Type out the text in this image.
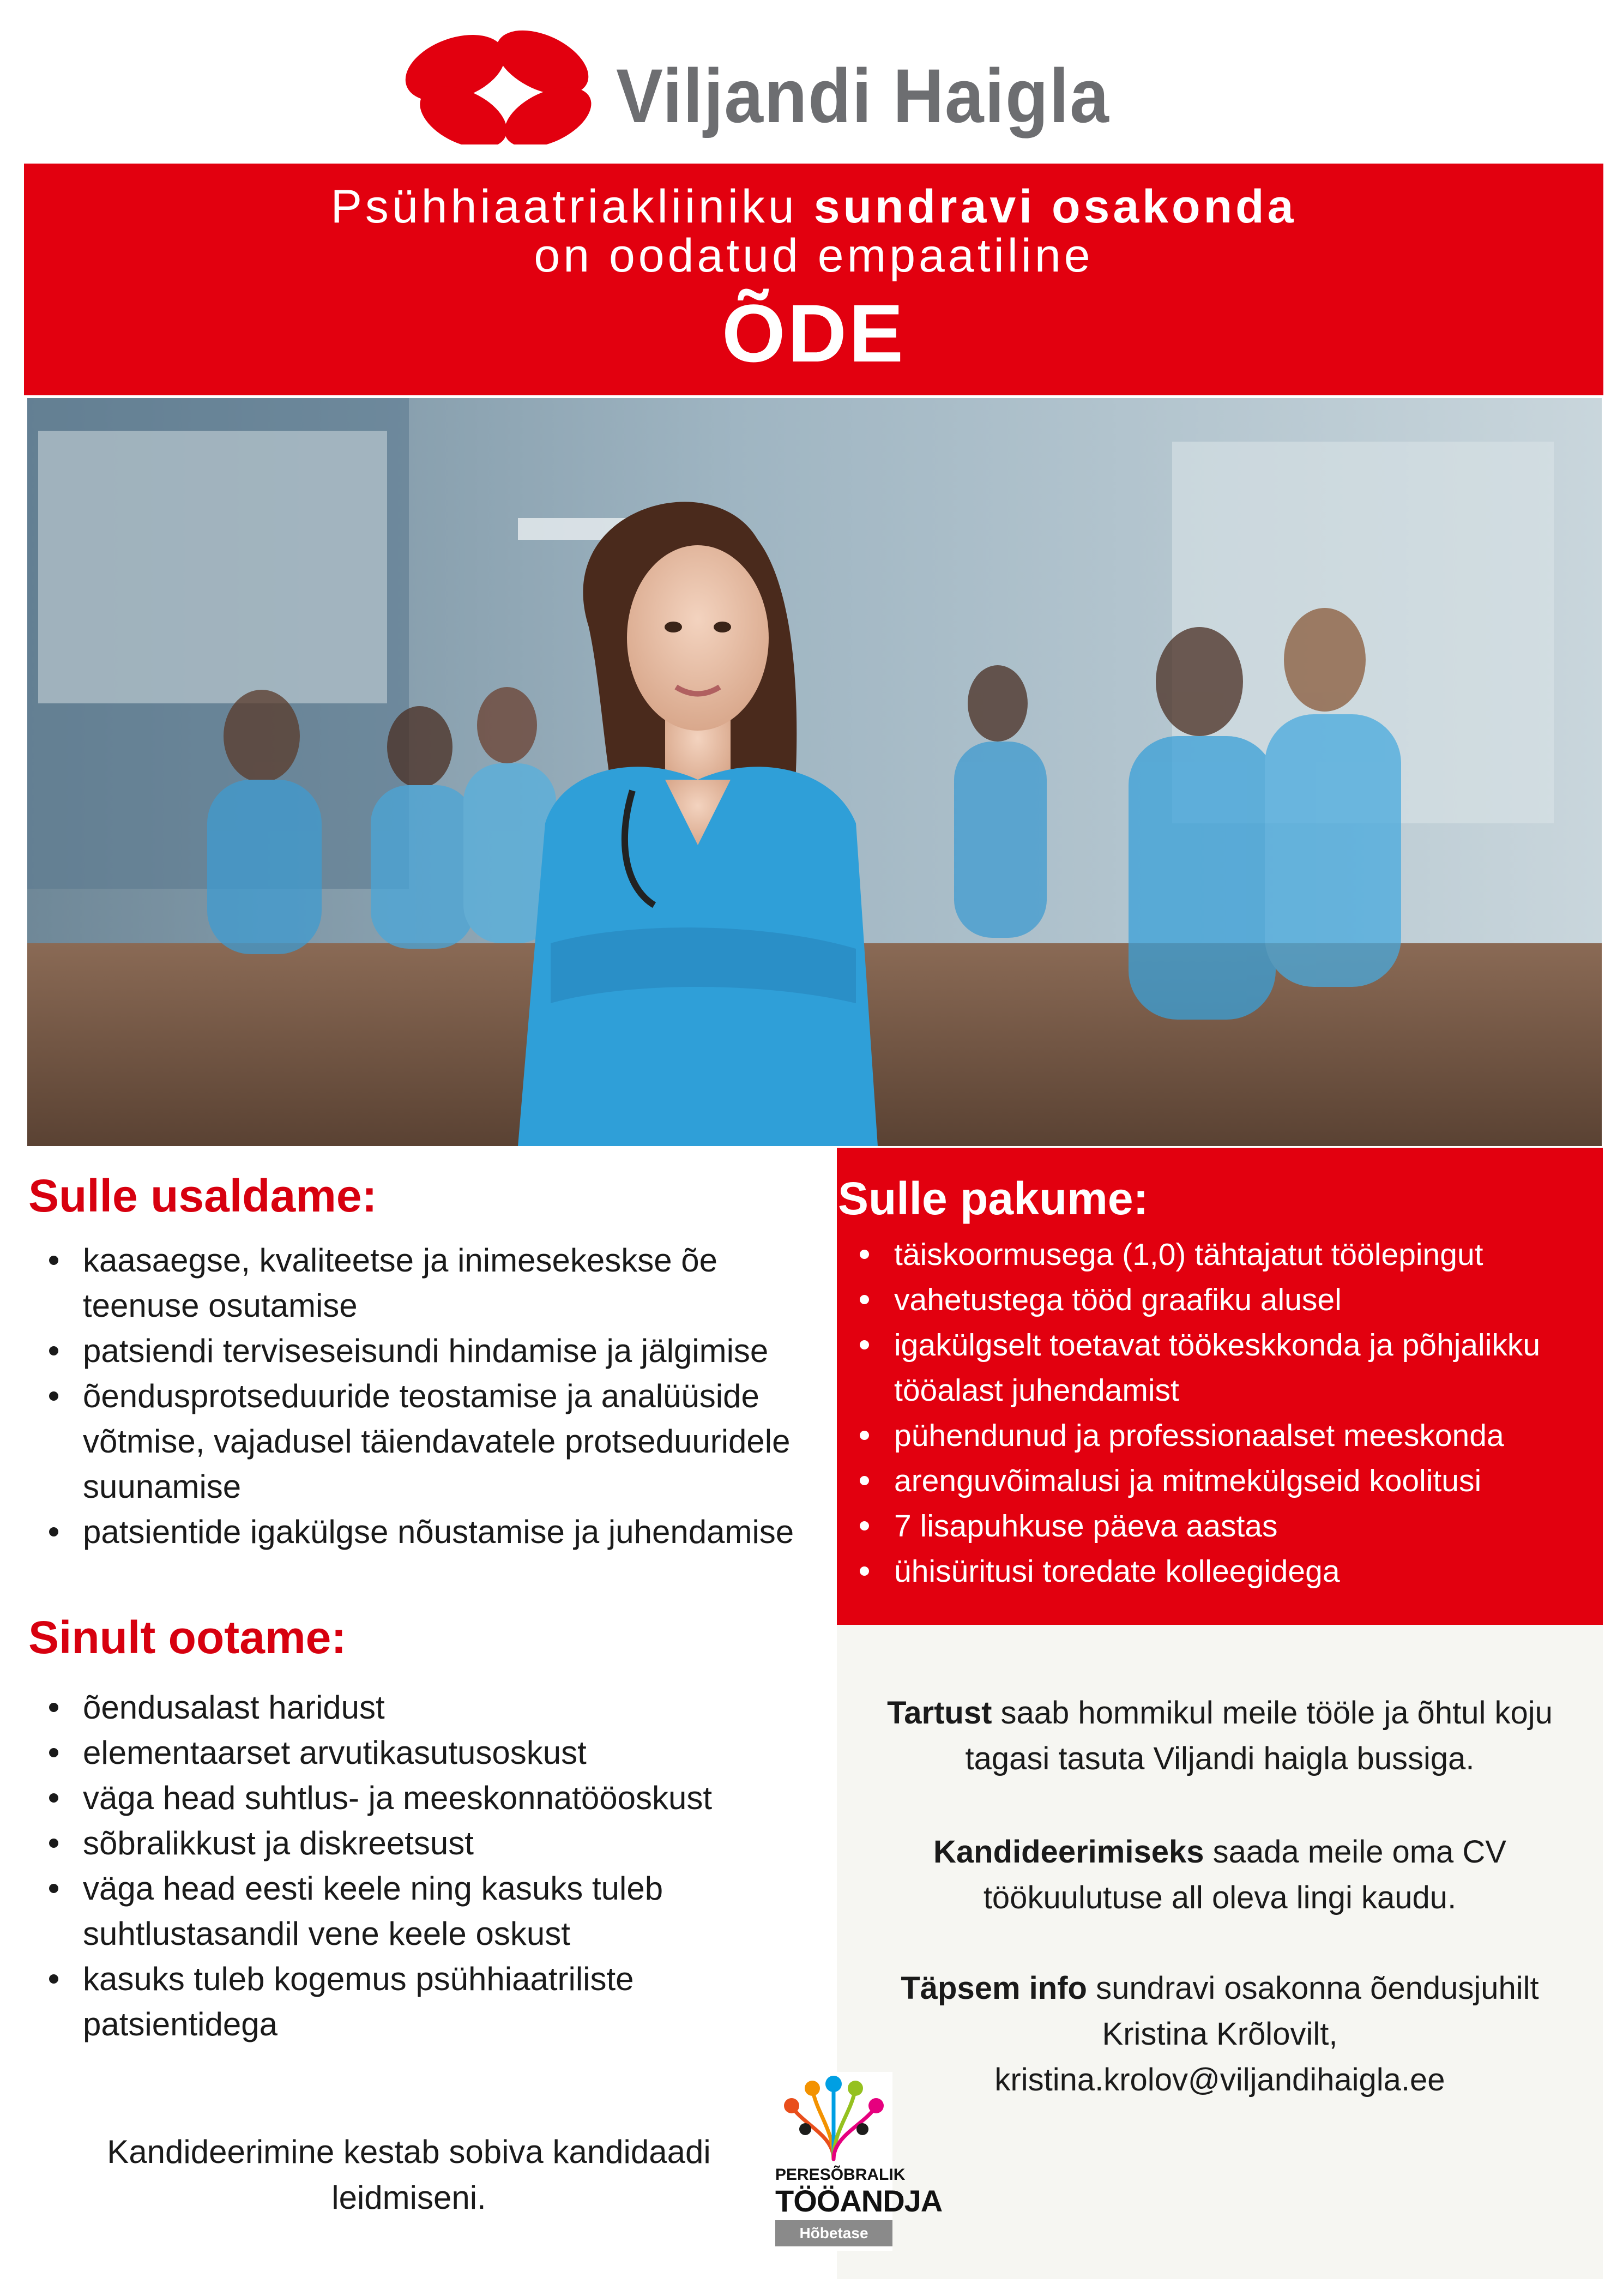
Viljandi Haigla
Psühhiaatriakliiniku sundravi osakonda
on oodatud empaatiline
ÕDE
Sulle usaldame:
kaasaegse, kvaliteetse ja inimesekeskse õe teenuse osutamise
patsiendi terviseseisundi hindamise ja jälgimise
õendusprotseduuride teostamise ja analüüside võtmise, vajadusel täiendavatele protseduuridele suunamise
patsientide igakülgse nõustamise ja juhendamise
Sinult ootame:
õendusalast haridust
elementaarset arvutikasutusoskust
väga head suhtlus- ja meeskonnatööoskust
sõbralikkust ja diskreetsust
väga head eesti keele ning kasuks tuleb suhtlustasandil vene keele oskust
kasuks tuleb kogemus psühhiaatriliste patsientidega
Kandideerimine kestab sobiva kandidaadi leidmiseni.
Sulle pakume:
täiskoormusega (1,0) tähtajatut töölepingut
vahetustega tööd graafiku alusel
igakülgselt toetavat töökeskkonda ja põhjalikku tööalast juhendamist
pühendunud ja professionaalset meeskonda
arenguvõimalusi ja mitmekülgseid koolitusi
7 lisapuhkuse päeva aastas
ühisüritusi toredate kolleegidega
Tartust saab hommikul meile tööle ja õhtul koju tagasi tasuta Viljandi haigla bussiga.
Kandideerimiseks saada meile oma CV töökuulutuse all oleva lingi kaudu.
Täpsem info sundravi osakonna õendusjuhilt
Kristina Krõlovilt,
kristina.krolov@viljandihaigla.ee
PERESÕBRALIK
TÖÖANDJA
Hõbetase
